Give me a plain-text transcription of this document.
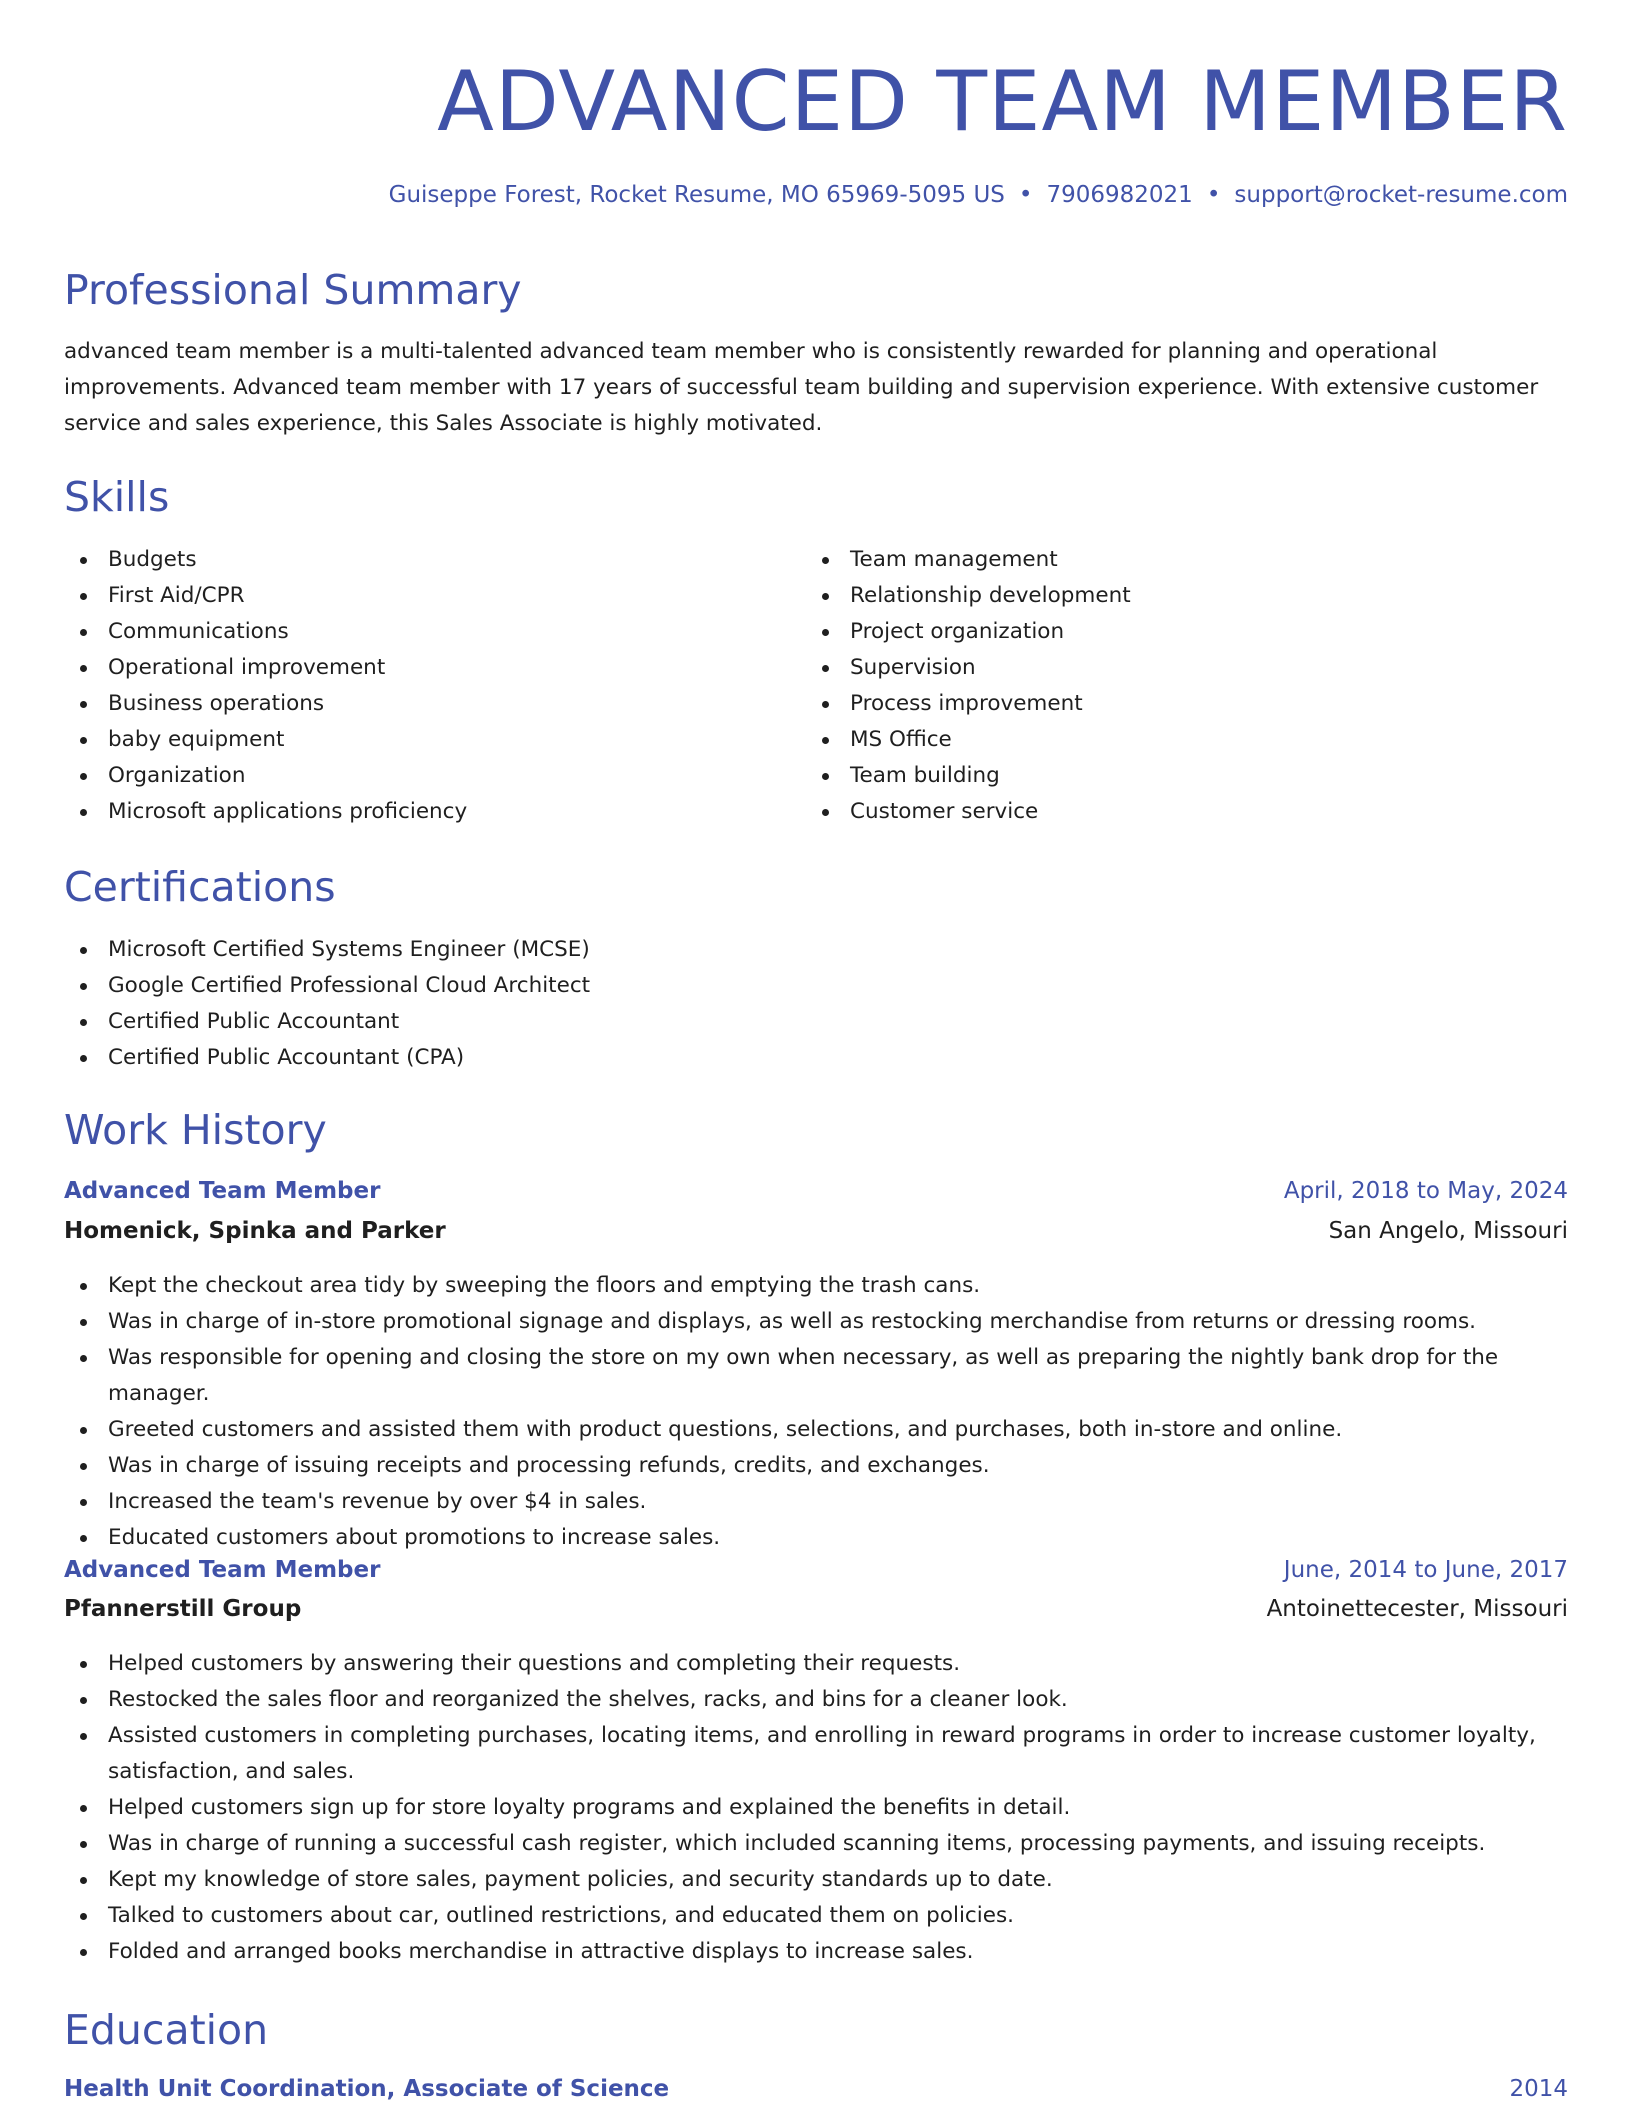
ADVANCED TEAM MEMBER
Guiseppe Forest, Rocket Resume, MO 65969-5095 US • 7906982021 • support@rocket-resume.com
Professional Summary

advanced team member is a multi-talented advanced team member who is consistently rewarded for planning and operational improvements. Advanced team member with 17 years of successful team building and supervision experience. With extensive customer service and sales experience, this Sales Associate is highly motivated.

Skills
Budgets
First Aid/CPR
Communications
Operational improvement
Business operations
baby equipment
Organization
Microsoft applications proficiency
Team management
Relationship development
Project organization
Supervision
Process improvement
MS Office
Team building
Customer service
Certifications
Microsoft Certified Systems Engineer (MCSE)
Google Certified Professional Cloud Architect
Certified Public Accountant
Certified Public Accountant (CPA)
Work History
Advanced Team Member	April, 2018 to May, 2024
Homenick, Spinka and Parker	San Angelo, Missouri
Kept the checkout area tidy by sweeping the floors and emptying the trash cans.
Was in charge of in-store promotional signage and displays, as well as restocking merchandise from returns or dressing rooms.
Was responsible for opening and closing the store on my own when necessary, as well as preparing the nightly bank drop for the manager.
Greeted customers and assisted them with product questions, selections, and purchases, both in-store and online.
Was in charge of issuing receipts and processing refunds, credits, and exchanges.
Increased the team's revenue by over $4 in sales.
Educated customers about promotions to increase sales.
Advanced Team Member	June, 2014 to June, 2017
Pfannerstill Group	Antoinettecester, Missouri
Helped customers by answering their questions and completing their requests.
Restocked the sales floor and reorganized the shelves, racks, and bins for a cleaner look.
Assisted customers in completing purchases, locating items, and enrolling in reward programs in order to increase customer loyalty, satisfaction, and sales.
Helped customers sign up for store loyalty programs and explained the benefits in detail.
Was in charge of running a successful cash register, which included scanning items, processing payments, and issuing receipts.
Kept my knowledge of store sales, payment policies, and security standards up to date.
Talked to customers about car, outlined restrictions, and educated them on policies.
Folded and arranged books merchandise in attractive displays to increase sales.
Education
Health Unit Coordination, Associate of Science	2014
